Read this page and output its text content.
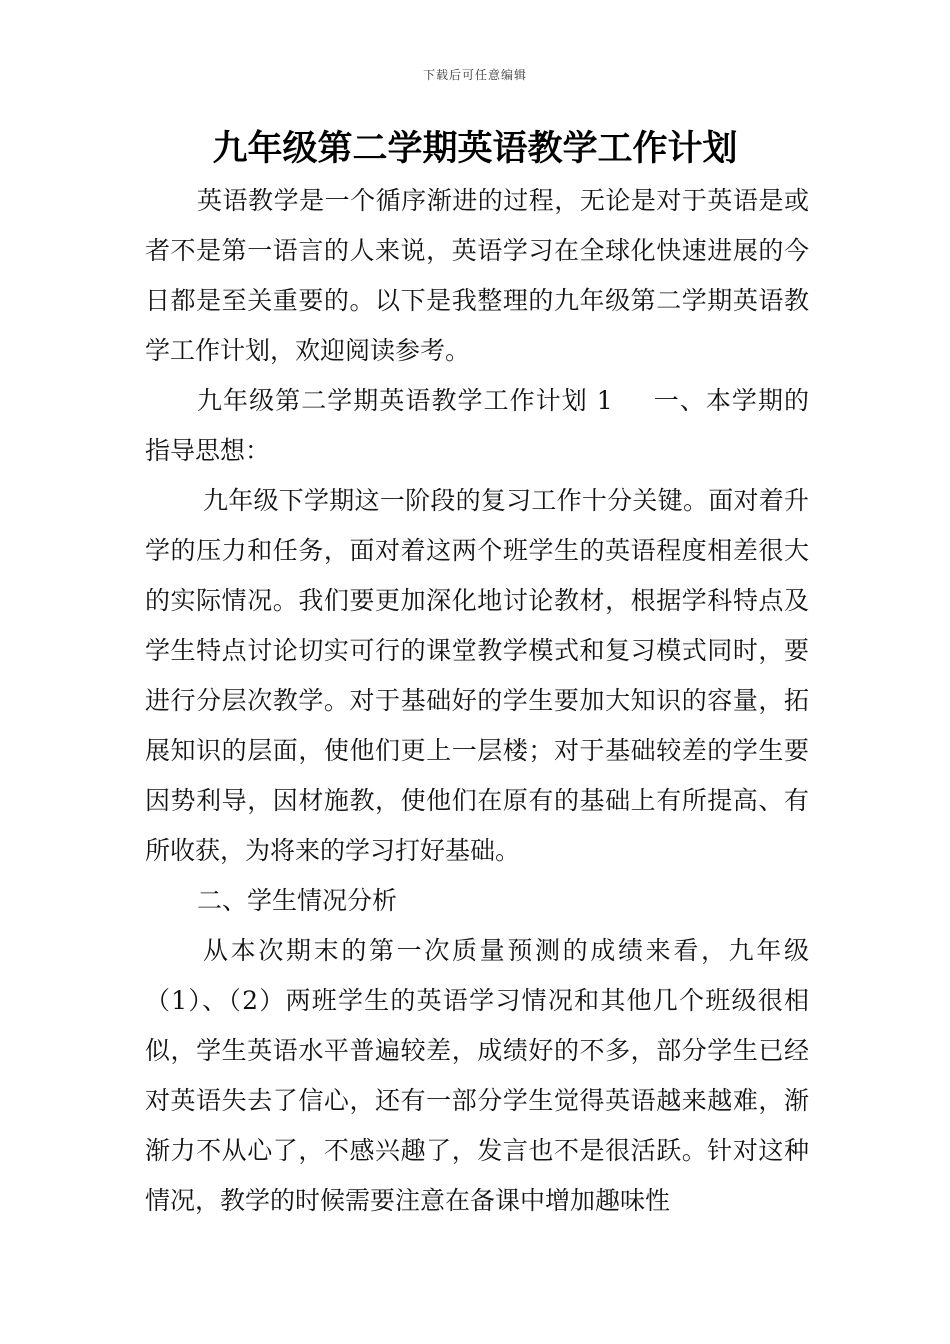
下载后可任意编辑
九年级第二学期英语教学工作计划

英语教学是一个循序渐进的过程，无论是对于英语是或者不是第一语言的人来说，英语学习在全球化快速进展的今日都是至关重要的。以下是我整理的九年级第二学期英语教学工作计划，欢迎阅读参考。

九年级第二学期英语教学工作计划 1 一、本学期的指导思想：

九年级下学期这一阶段的复习工作十分关键。面对着升学的压力和任务，面对着这两个班学生的英语程度相差很大的实际情况。我们要更加深化地讨论教材，根据学科特点及学生特点讨论切实可行的课堂教学模式和复习模式同时，要进行分层次教学。对于基础好的学生要加大知识的容量，拓展知识的层面，使他们更上一层楼；对于基础较差的学生要因势利导，因材施教，使他们在原有的基础上有所提高、有所收获，为将来的学习打好基础。

二、学生情况分析

从本次期末的第一次质量预测的成绩来看，九年级（1）、（2）两班学生的英语学习情况和其他几个班级很相似，学生英语水平普遍较差，成绩好的不多，部分学生已经对英语失去了信心，还有一部分学生觉得英语越来越难，渐渐力不从心了，不感兴趣了，发言也不是很活跃。针对这种情况，教学的时候需要注意在备课中增加趣味性
